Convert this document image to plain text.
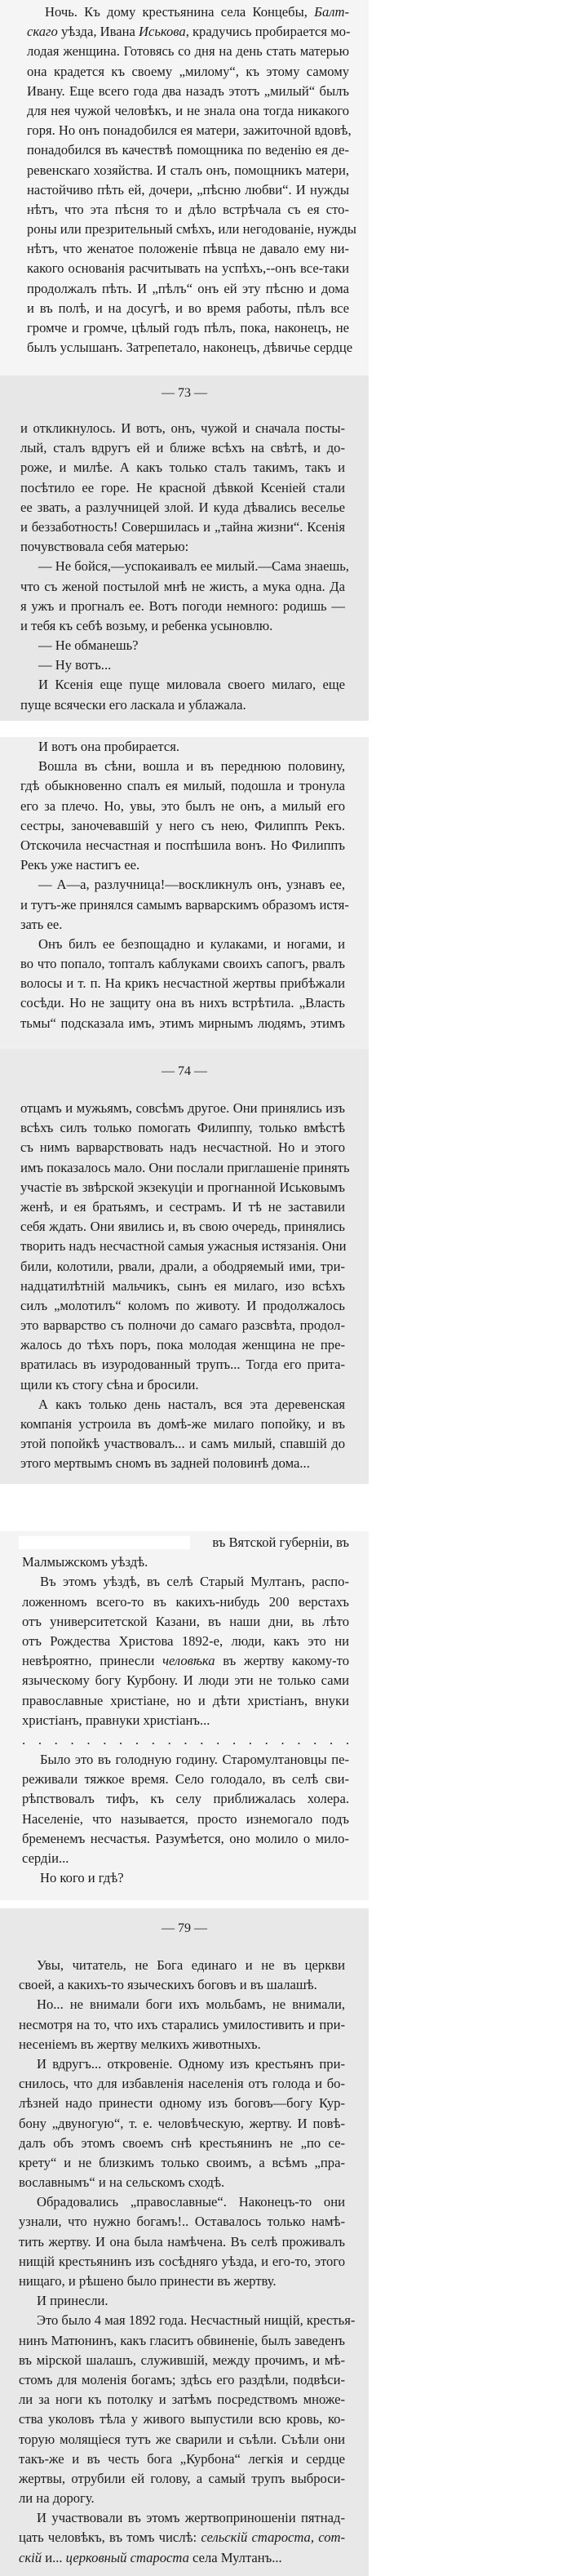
Ночь. Къ дому крестьянина села Концебы, Балт-
скаго уѣзда, Ивана Иськова, крадучись пробирается мо-
лодая женщина. Готовясь со дня на день стать матерью
она крадется къ своему „милому“, къ этому самому
Ивану. Еще всего года два назадъ этотъ „милый“ былъ
для нея чужой человѣкъ, и не знала она тогда никакого
горя. Но онъ понадобился ея матери, зажиточной вдовѣ,
понадобился въ качествѣ помощника по веденію ея де-
ревенскаго хозяйства. И сталъ онъ, помощникъ матери,
настойчиво пѣть ей, дочери, „пѣсню любви“. И нужды
нѣтъ, что эта пѣсня то и дѣло встрѣчала съ ея сто-
роны или презрительный смѣхъ, или негодованіе, нужды
нѣтъ, что женатое положеніе пѣвца не давало ему ни-
какого основанія расчитывать на успѣхъ,--онъ все-таки
продолжалъ пѣть. И „пѣлъ“ онъ ей эту пѣсню и дома
и въ полѣ, и на досугѣ, и во время работы, пѣлъ все
громче и громче, цѣлый годъ пѣлъ, пока, наконецъ, не
былъ услышанъ. Затрепетало, наконецъ, дѣвичье сердце
— 73 —
и откликнулось. И вотъ, онъ, чужой и сначала посты-
лый, сталъ вдругъ ей и ближе всѣхъ на свѣтѣ, и до-
роже, и милѣе. А какъ только сталъ такимъ, такъ и
посѣтило ее горе. Не красной дѣвкой Ксеніей стали
ее звать, а разлучницей злой. И куда дѣвались веселье
и беззаботность! Совершилась и „тайна жизни“. Ксенія
почувствовала себя матерью:
— Не бойся,—успокаивалъ ее милый.—Сама знаешь,
что съ женой постылой мнѣ не жисть, а мука одна. Да
я ужъ и прогналъ ее. Вотъ погоди немного: родишь —
и тебя къ себѣ возьму, и ребенка усыновлю.
— Не обманешь?
— Ну вотъ...
И Ксенія еще пуще миловала своего милаго, еще
пуще всячески его ласкала и ублажала.
И вотъ она пробирается.
Вошла въ сѣни, вошла и въ переднюю половину,
гдѣ обыкновенно спалъ ея милый, подошла и тронула
его за плечо. Но, увы, это былъ не онъ, а милый его
сестры, заночевавшій у него съ нею, Филиппъ Рекъ.
Отскочила несчастная и поспѣшила вонъ. Но Филиппъ
Рекъ уже настигъ ее.
— А—а, разлучница!—воскликнулъ онъ, узнавъ ее,
и тутъ-же принялся самымъ варварскимъ образомъ истя-
зать ее.
Онъ билъ ее безпощадно и кулаками, и ногами, и
во что попало, топталъ каблуками своихъ сапогъ, рвалъ
волосы и т. п. На крикъ несчастной жертвы прибѣжали
сосѣди. Но не защиту она въ нихъ встрѣтила. „Власть
тьмы“ подсказала имъ, этимъ мирнымъ людямъ, этимъ
— 74 —
отцамъ и мужьямъ, совсѣмъ другое. Они принялись изъ
всѣхъ силъ только помогать Филиппу, только вмѣстѣ
съ нимъ варварствовать надъ несчастной. Но и этого
имъ показалось мало. Они послали приглашеніе принять
участіе въ звѣрской экзекуціи и прогнанной Иськовымъ
женѣ, и ея братьямъ, и сестрамъ. И тѣ не заставили
себя ждать. Они явились и, въ свою очередь, принялись
творить надъ несчастной самыя ужасныя истязанія. Они
били, колотили, рвали, драли, а ободряемый ими, три-
надцатилѣтній мальчикъ, сынъ ея милаго, изо всѣхъ
силъ „молотилъ“ коломъ по животу. И продолжалось
это варварство съ полночи до самаго разсвѣта, продол-
жалось до тѣхъ поръ, пока молодая женщина не пре-
вратилась въ изуродованный трупъ... Тогда его прита-
щили къ стогу сѣна и бросили.
А какъ только день насталъ, вся эта деревенская
компанія устроила въ домѣ-же милаго попойку, и въ
этой попойкѣ участвовалъ... и самъ милый, спавшій до
этого мертвымъ сномъ въ задней половинѣ дома...
въ Вятской губерніи, въ
Малмыжскомъ уѣздѣ.
Въ этомъ уѣздѣ, въ селѣ Старый Мултанъ, распо-
ложенномъ всего-то въ какихъ-нибудь 200 верстахъ
отъ университетской Казани, въ наши дни, вь лѣто
отъ Рождества Христова 1892-е, люди, какъ это ни
невѣроятно, принесли человѣка въ жертву какому-то
языческому богу Курбону. И люди эти не только сами
православные христіане, но и дѣти христіанъ, внуки
христіанъ, правнуки христіанъ...
. . . . . . . . . . . . . . . . . . . . .
Было это въ голодную годину. Старомултановцы пе-
реживали тяжкое время. Село голодало, въ селѣ сви-
рѣпствовалъ тифъ, къ селу приближалась холера.
Населеніе, что называется, просто изнемогало подъ
бременемъ несчастья. Разумѣется, оно молило о мило-
сердіи...
Но кого и гдѣ?
— 79 —
Увы, читатель, не Бога единаго и не въ церкви
своей, а какихъ-то языческихъ боговъ и въ шалашѣ.
Но... не внимали боги ихъ мольбамъ, не внимали,
несмотря на то, что ихъ старались умилостивить и при-
несеніемъ въ жертву мелкихъ животныхъ.
И вдругъ... откровеніе. Одному изъ крестьянъ при-
снилось, что для избавленія населенія отъ голода и бо-
лѣзней надо принести одному изъ боговъ—богу Кур-
бону „двуногую“, т. е. человѣческую, жертву. И повѣ-
далъ объ этомъ своемъ снѣ крестьянинъ не „по се-
крету“ и не близкимъ только своимъ, а всѣмъ „пра-
вославнымъ“ и на сельскомъ сходѣ.
Обрадовались „православные“. Наконецъ-то они
узнали, что нужно богамъ!.. Оставалось только намѣ-
тить жертву. И она была намѣчена. Въ селѣ проживалъ
нищій крестьянинъ изъ сосѣдняго уѣзда, и его-то, этого
нищаго, и рѣшено было принести въ жертву.
И принесли.
Это было 4 мая 1892 года. Несчастный нищій, крестья-
нинъ Матюнинъ, какъ гласитъ обвиненіе, былъ заведенъ
въ мірской шалашъ, служившій, между прочимъ, и мѣ-
стомъ для моленія богамъ; здѣсь его раздѣли, подвѣси-
ли за ноги къ потолку и затѣмъ посредствомъ множе-
ства уколовъ тѣла у живого выпустили всю кровь, ко-
торую молящіеся тутъ же сварили и съѣли. Съѣли они
такъ-же и въ честь бога „Курбона“ легкія и сердце
жертвы, отрубили ей голову, а самый трупъ выброси-
ли на дорогу.
И участвовали въ этомъ жертвоприношеніи пятнад-
цать человѣкъ, въ томъ числѣ: сельскій староста, сот-
скій и... церковный староста села Мултанъ...
